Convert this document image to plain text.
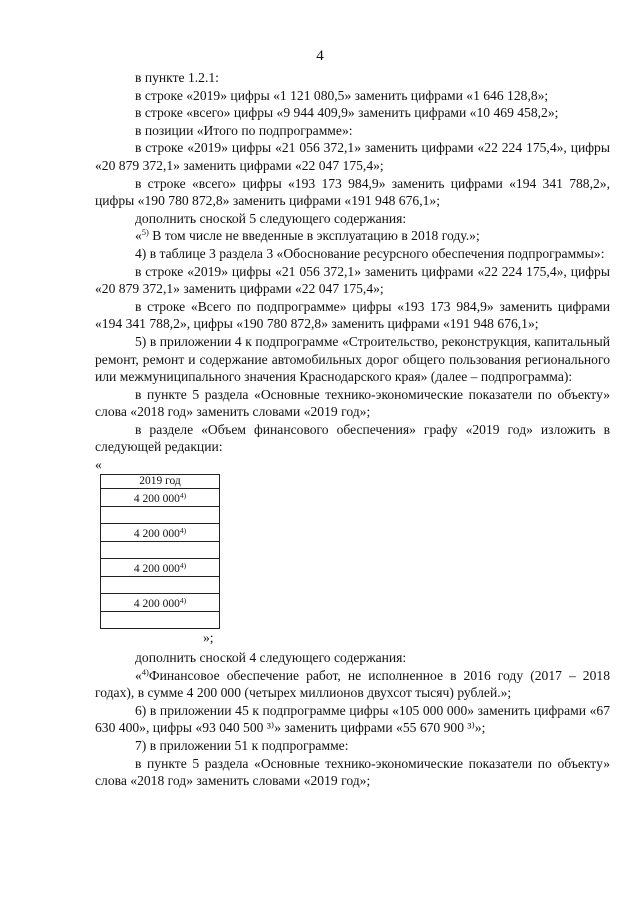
4

в пункте 1.2.1:

в строке «2019» цифры «1 121 080,5» заменить цифрами «1 646 128,8»;

в строке «всего» цифры «9 944 409,9» заменить цифрами «10 469 458,2»;

в позиции «Итого по подпрограмме»:

в строке «2019» цифры «21 056 372,1» заменить цифрами «22 224 175,4», цифры «20 879 372,1» заменить цифрами «22 047 175,4»;

в строке «всего» цифры «193 173 984,9» заменить цифрами «194 341 788,2», цифры «190 780 872,8» заменить цифрами «191 948 676,1»;

дополнить сноской 5 следующего содержания:

«$^{5)}$ В том числе не введенные в эксплуатацию в 2018 году.»;

4) в таблице 3 раздела 3 «Обоснование ресурсного обеспечения подпрограммы»:

в строке «2019» цифры «21 056 372,1» заменить цифрами «22 224 175,4», цифры «20 879 372,1» заменить цифрами «22 047 175,4»;

в строке «Всего по подпрограмме» цифры «193 173 984,9» заменить цифрами «194 341 788,2», цифры «190 780 872,8» заменить цифрами «191 948 676,1»;

5) в приложении 4 к подпрограмме «Строительство, реконструкция, капитальный ремонт, ремонт и содержание автомобильных дорог общего пользования регионального или межмуниципального значения Краснодарского края» (далее – подпрограмма):

в пункте 5 раздела «Основные технико-экономические показатели по объекту» слова «2018 год» заменить словами «2019 год»;

в разделе «Объем финансового обеспечения» графу «2019 год» изложить в следующей редакции:

«

2019 год
4 200 000$^{4)}$

4 200 000$^{4)}$

4 200 000$^{4)}$

4 200 000$^{4)}$

»;

дополнить сноской 4 следующего содержания:

«$^{4)}$Финансовое обеспечение работ, не исполненное в 2016 году (2017 – 2018 годах), в сумме 4 200 000 (четырех миллионов двухсот тысяч) рублей.»;

6) в приложении 45 к подпрограмме цифры «105 000 000» заменить цифрами «67 630 400», цифры «93 040 500 ³⁾» заменить цифрами «55 670 900 ³⁾»;

7) в приложении 51 к подпрограмме:

в пункте 5 раздела «Основные технико-экономические показатели по объекту» слова «2018 год» заменить словами «2019 год»;
